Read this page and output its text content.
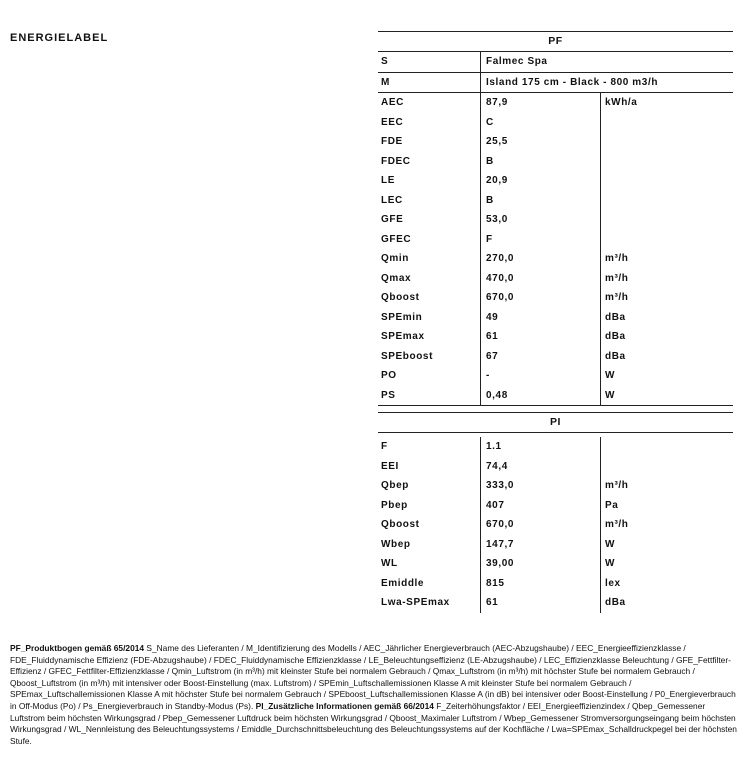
ENERGIELABEL	PF
S	Falmec Spa
M	Island 175 cm - Black - 800 m3/h
AEC	87,9	kWh/a
EEC	C
FDE	25,5
FDEC	B
LE	20,9
LEC	B
GFE	53,0
GFEC	F
Qmin	270,0	m³/h
Qmax	470,0	m³/h
Qboost	670,0	m³/h
SPEmin	49	dBa
SPEmax	61	dBa
SPEboost	67	dBa
PO	-	W
PS	0,48	W
PI
F	1.1
EEI	74,4
Qbep	333,0	m³/h
Pbep	407	Pa
Qboost	670,0	m³/h
Wbep	147,7	W
WL	39,00	W
Emiddle	815	lex
Lwa-SPEmax	61	dBa
PF_Produktbogen gemäß 65/2014 S_Name des Lieferanten / M_Identifizierung des Modells / AEC_Jährlicher Energieverbrauch (AEC-Abzugshaube) / EEC_Energieeffizienzklasse / FDE_Fluiddynamische Effizienz (FDE-Abzugshaube) / FDEC_Fluiddynamische Effizienzklasse / LE_Beleuchtungseffizienz (LE-Abzugshaube) / LEC_Effizienzklasse Beleuchtung / GFE_Fettfilter-Effizienz / GFEC_Fettfilter-Effizienzklasse / Qmin_Luftstrom (in m³/h) mit kleinster Stufe bei normalem Gebrauch / Qmax_Luftstrom (in m³/h) mit höchster Stufe bei normalem Gebrauch / Qboost_Luftstrom (in m³/h) mit intensiver oder Boost-Einstellung (max. Luftstrom) / SPEmin_Luftschallemissionen Klasse A mit kleinster Stufe bei normalem Gebrauch / SPEmax_Luftschallemissionen Klasse A mit höchster Stufe bei normalem Gebrauch / SPEboost_Luftschallemissionen Klasse A (in dB) bei intensiver oder Boost-Einstellung / P0_Energieverbrauch in Off-Modus (Po) / Ps_Energieverbrauch in Standby-Modus (Ps). PI_Zusätzliche Informationen gemäß 66/2014 F_Zeiterhöhungsfaktor / EEI_Energieeffizienzindex / Qbep_Gemessener Luftstrom beim höchsten Wirkungsgrad / Pbep_Gemessener Luftdruck beim höchsten Wirkungsgrad / Qboost_Maximaler Luftstrom / Wbep_Gemessener Stromversorgungseingang beim höchsten Wirkungsgrad / WL_Nennleistung des Beleuchtungssystems / Emiddle_Durchschnittsbeleuchtung des Beleuchtungssystems auf der Kochfläche / Lwa=SPEmax_Schalldruckpegel bei der höchsten Stufe.
